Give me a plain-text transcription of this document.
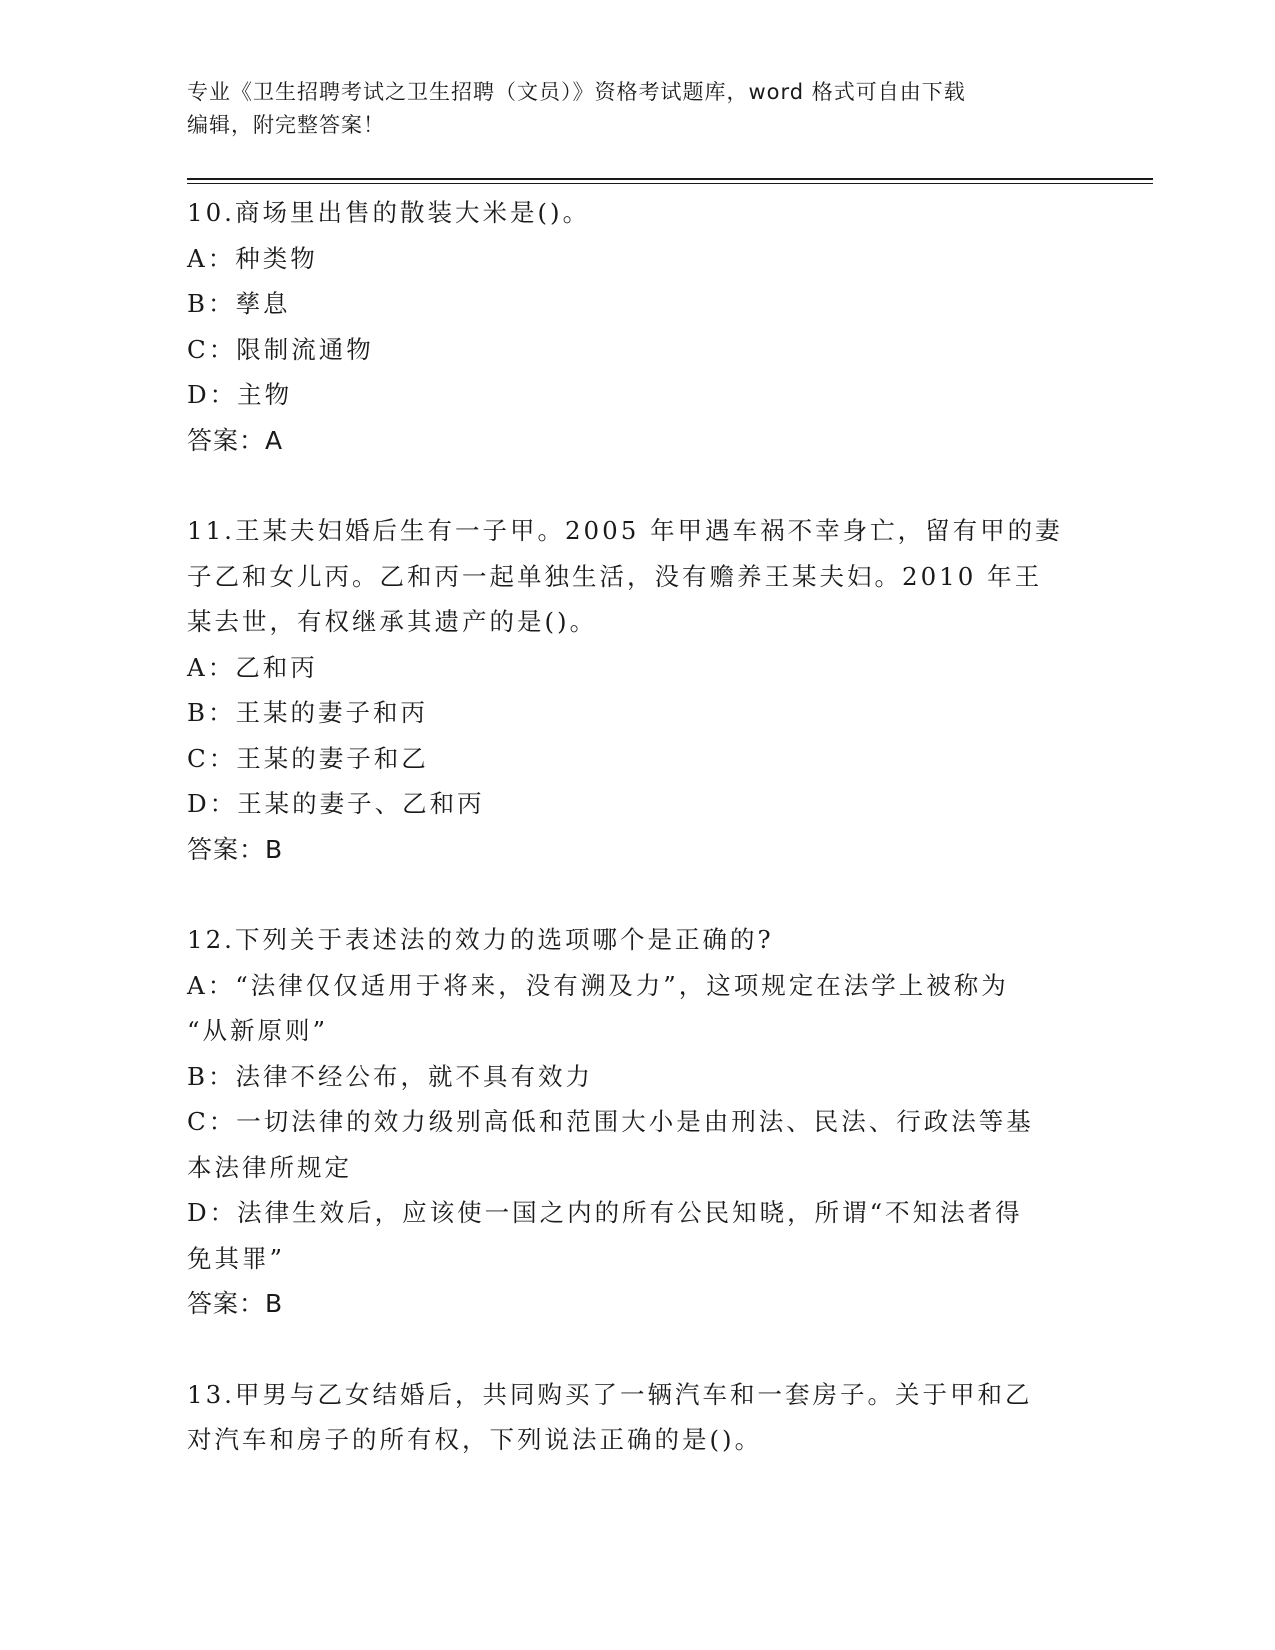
专业《卫生招聘考试之卫生招聘（文员）》资格考试题库，word 格式可自由下载
编辑，附完整答案！
10.商场里出售的散装大米是()。
A：种类物
B：孳息
C：限制流通物
D：主物
答案：A
11.王某夫妇婚后生有一子甲。2005 年甲遇车祸不幸身亡，留有甲的妻
子乙和女儿丙。乙和丙一起单独生活，没有赡养王某夫妇。2010 年王
某去世，有权继承其遗产的是()。
A：乙和丙
B：王某的妻子和丙
C：王某的妻子和乙
D：王某的妻子、乙和丙
答案：B
12.下列关于表述法的效力的选项哪个是正确的?
A：“法律仅仅适用于将来，没有溯及力”，这项规定在法学上被称为
“从新原则”
B：法律不经公布，就不具有效力
C：一切法律的效力级别高低和范围大小是由刑法、民法、行政法等基
本法律所规定
D：法律生效后，应该使一国之内的所有公民知晓，所谓“不知法者得
免其罪”
答案：B
13.甲男与乙女结婚后，共同购买了一辆汽车和一套房子。关于甲和乙
对汽车和房子的所有权，下列说法正确的是()。
